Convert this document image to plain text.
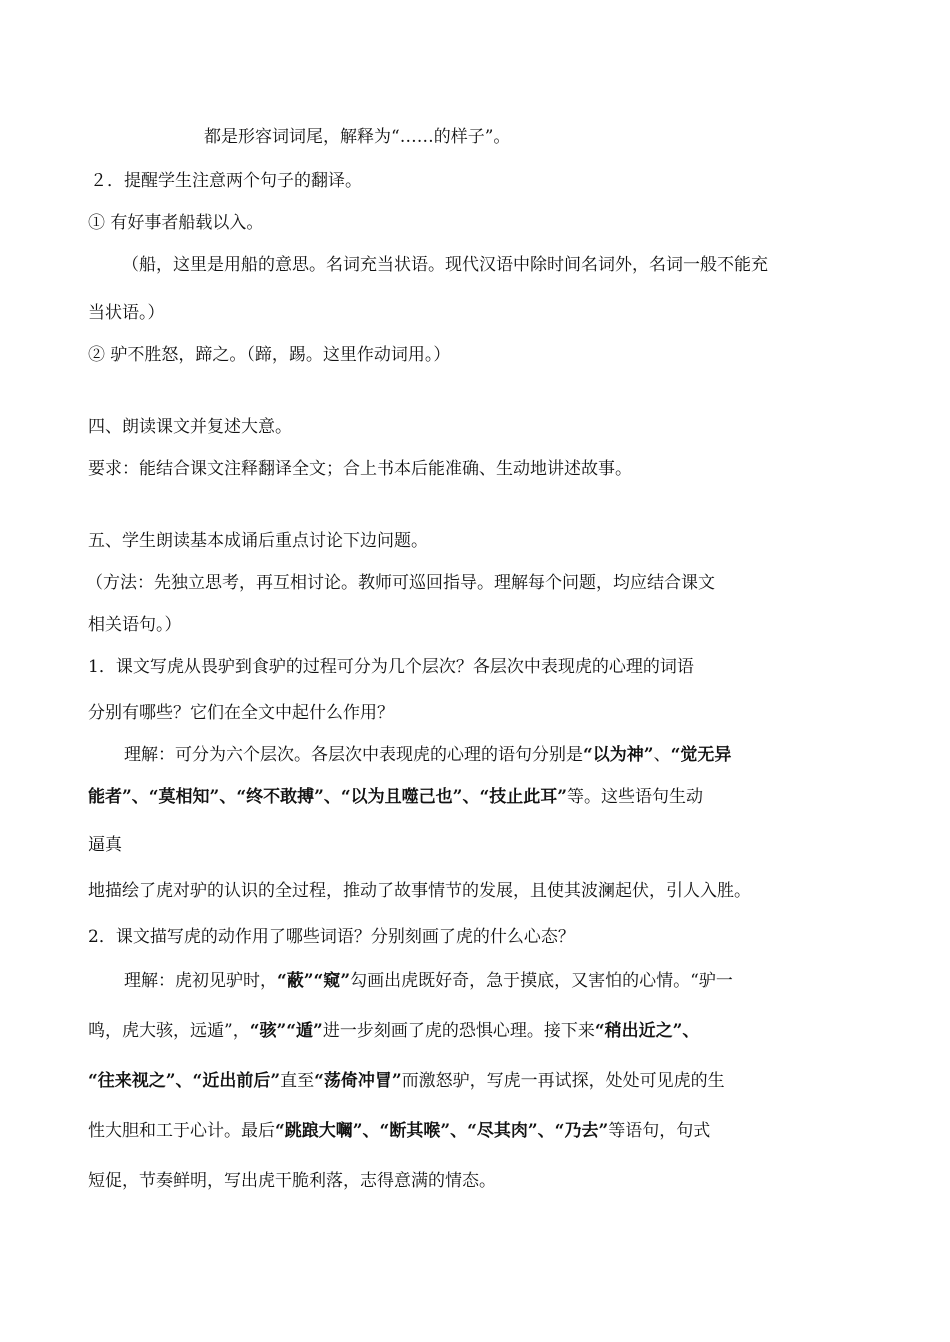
都是形容词词尾，解释为“……的样子”。
２．提醒学生注意两个句子的翻译。
① 有好事者船载以入。
（船，这里是用船的意思。名词充当状语。现代汉语中除时间名词外，名词一般不能充
当状语。）
② 驴不胜怒，蹄之。（蹄，踢。这里作动词用。）
四、朗读课文并复述大意。
要求：能结合课文注释翻译全文；合上书本后能准确、生动地讲述故事。
五、学生朗读基本成诵后重点讨论下边问题。
（方法：先独立思考，再互相讨论。教师可巡回指导。理解每个问题，均应结合课文
相关语句。）
1．课文写虎从畏驴到食驴的过程可分为几个层次？各层次中表现虎的心理的词语
分别有哪些？它们在全文中起什么作用？
理解：可分为六个层次。各层次中表现虎的心理的语句分别是“以为神”、“觉无异
能者”、“莫相知”、“终不敢搏”、“以为且噬己也”、“技止此耳”等。这些语句生动
逼真
地描绘了虎对驴的认识的全过程，推动了故事情节的发展，且使其波澜起伏，引人入胜。
2．课文描写虎的动作用了哪些词语？分别刻画了虎的什么心态？
理解：虎初见驴时，“蔽”“窥”勾画出虎既好奇，急于摸底，又害怕的心情。“驴一
鸣，虎大骇，远遁”，“骇”“遁”进一步刻画了虎的恐惧心理。接下来“稍出近之”、
“往来视之”、“近出前后”直至“荡倚冲冒”而激怒驴，写虎一再试探，处处可见虎的生
性大胆和工于心计。最后“跳踉大㘎”、“断其喉”、“尽其肉”、“乃去”等语句，句式
短促，节奏鲜明，写出虎干脆利落，志得意满的情态。
